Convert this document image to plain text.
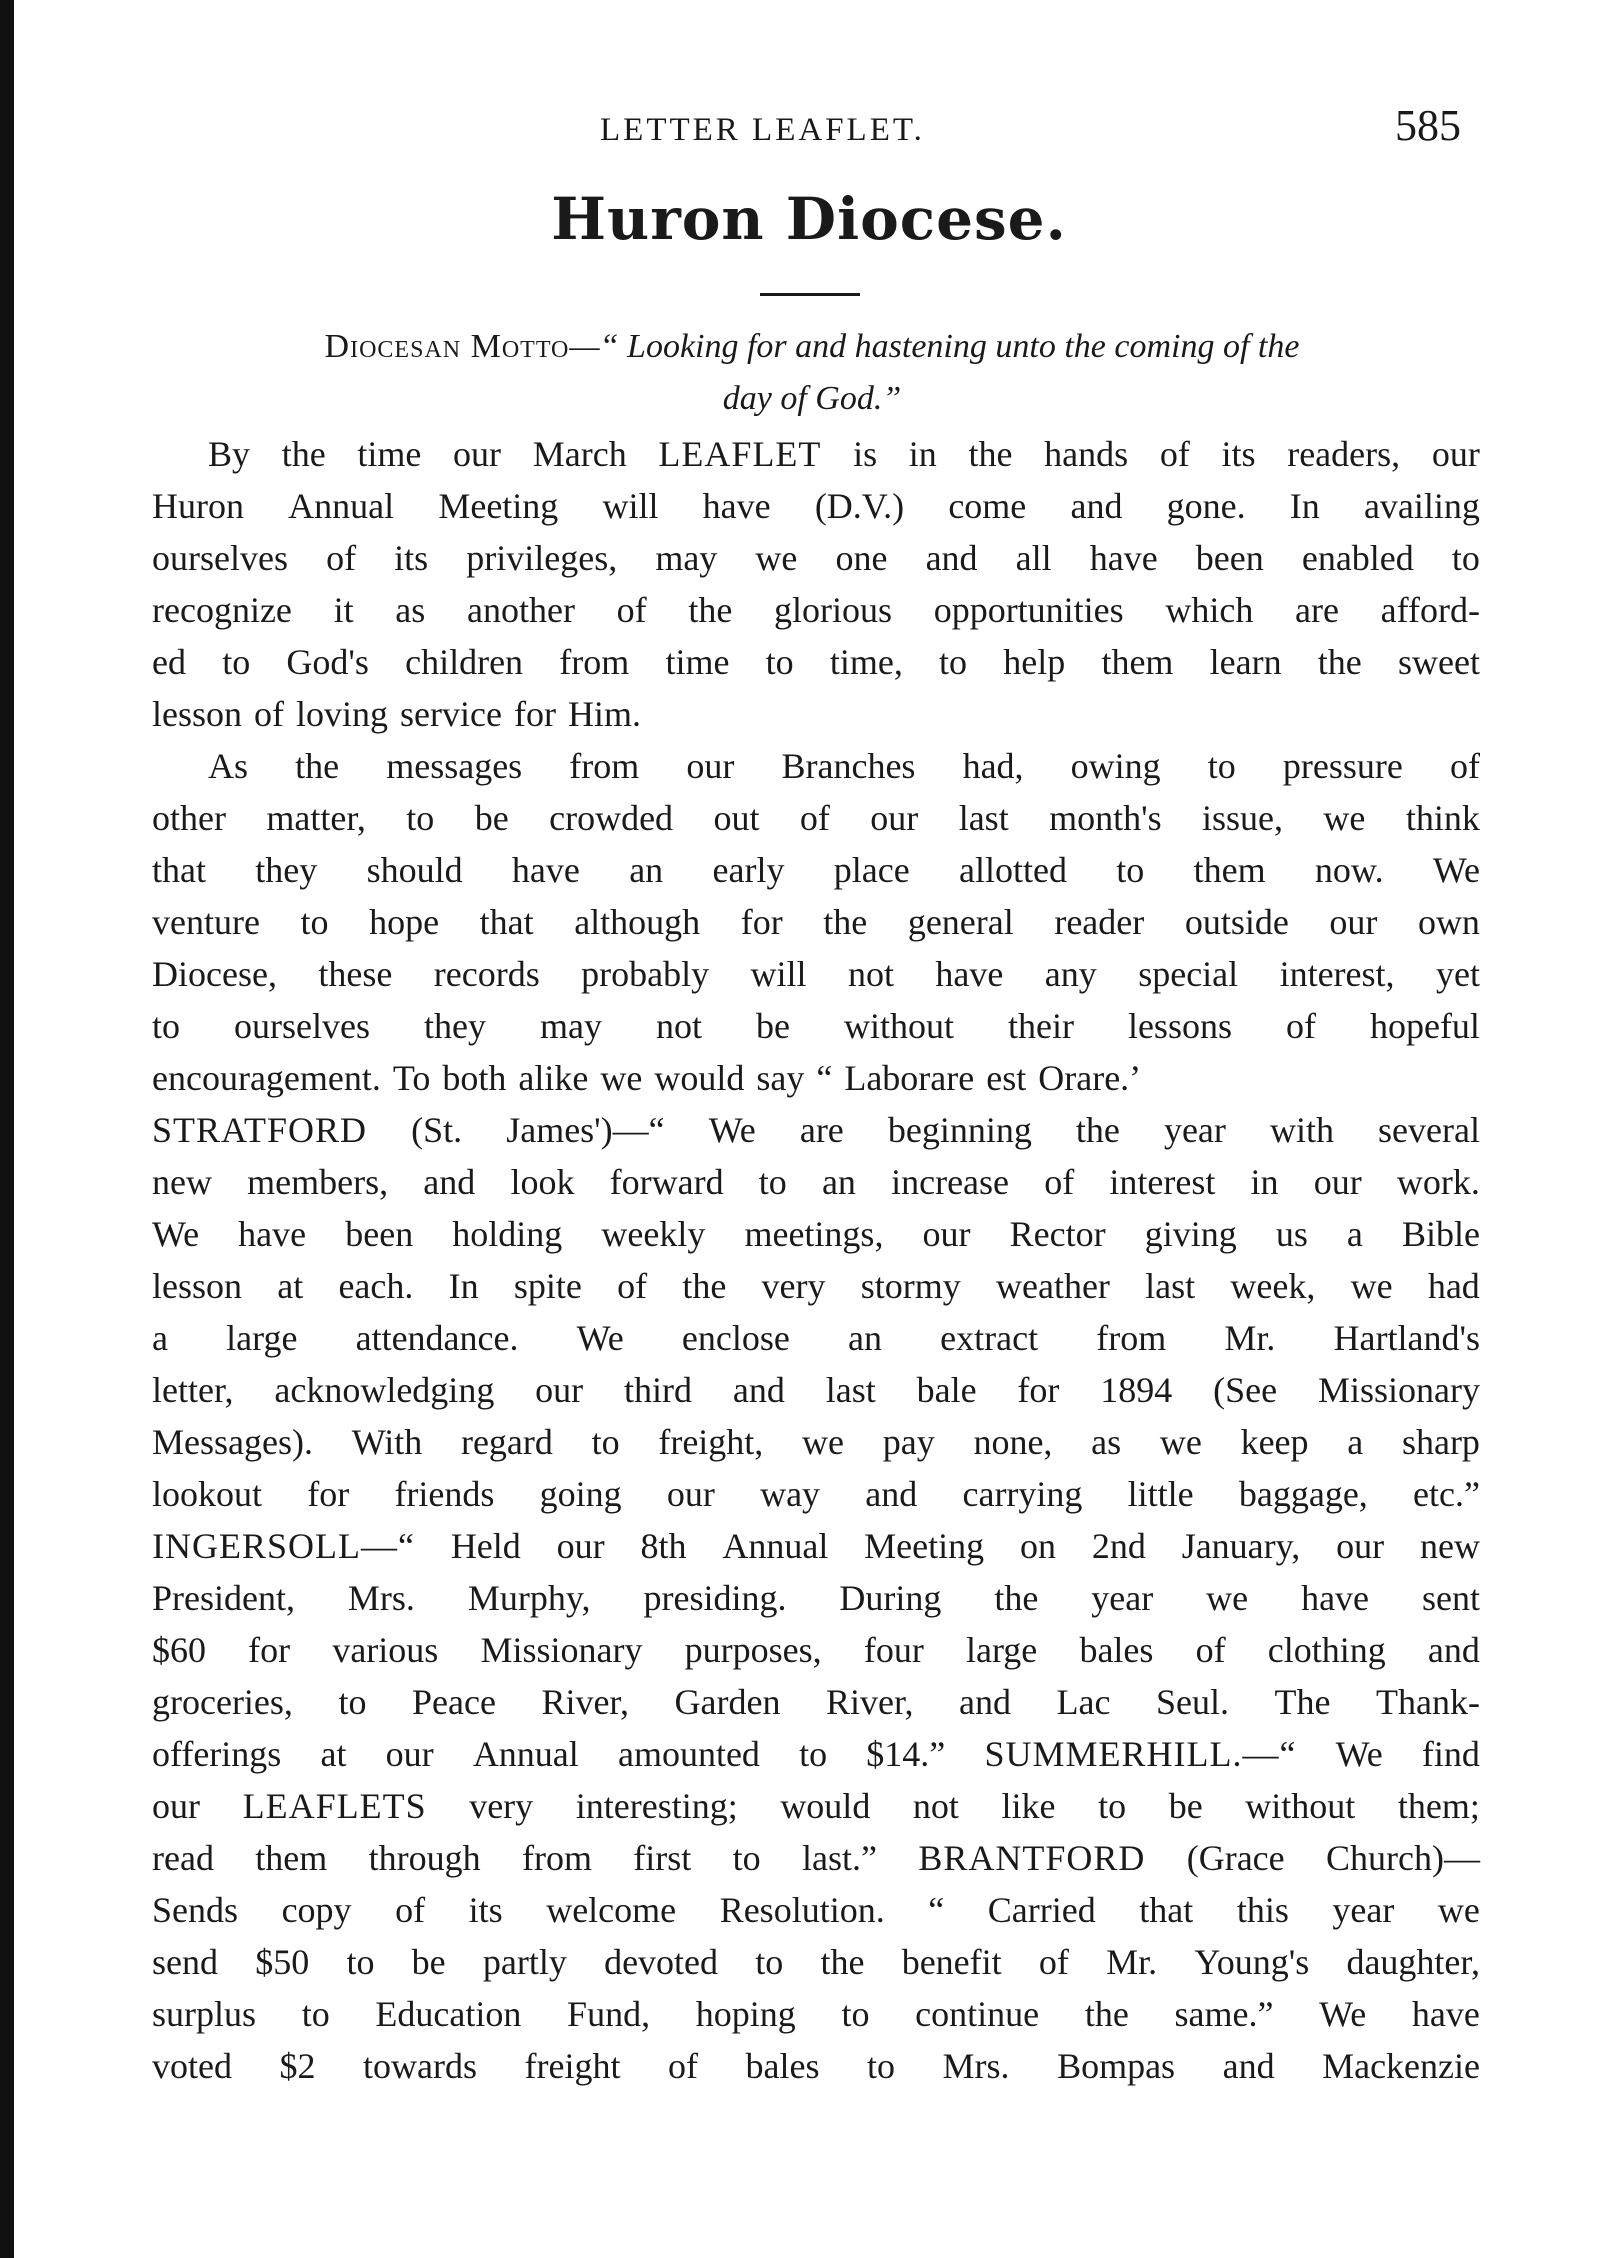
LETTER LEAFLET.	585
Huron Diocese.
Diocesan Motto —“ Looking for and hastening unto the coming of the
day of God.”
By the time our March LEAFLET is in the hands of its readers, our
Huron Annual Meeting will have (D.V.) come and gone. In availing
ourselves of its privileges, may we one and all have been enabled to
recognize it as another of the glorious opportunities which are afford-
ed to God's children from time to time, to help them learn the sweet
lesson of loving service for Him.
As the messages from our Branches had, owing to pressure of
other matter, to be crowded out of our last month's issue, we think
that they should have an early place allotted to them now. We
venture to hope that although for the general reader outside our own
Diocese, these records probably will not have any special interest, yet
to ourselves they may not be without their lessons of hopeful
encouragement. To both alike we would say “ Laborare est Orare.’
STRATFORD (St. James')—“ We are beginning the year with several
new members, and look forward to an increase of interest in our work.
We have been holding weekly meetings, our Rector giving us a Bible
lesson at each. In spite of the very stormy weather last week, we had
a large attendance. We enclose an extract from Mr. Hartland's
letter, acknowledging our third and last bale for 1894 (See Missionary
Messages). With regard to freight, we pay none, as we keep a sharp
lookout for friends going our way and carrying little baggage, etc.”
INGERSOLL—“ Held our 8th Annual Meeting on 2nd January, our new
President, Mrs. Murphy, presiding. During the year we have sent
$60 for various Missionary purposes, four large bales of clothing and
groceries, to Peace River, Garden River, and Lac Seul. The Thank-
offerings at our Annual amounted to $14.” SUMMERHILL.—“ We find
our LEAFLETS very interesting; would not like to be without them;
read them through from first to last.” BRANTFORD (Grace Church)—
Sends copy of its welcome Resolution. “ Carried that this year we
send $50 to be partly devoted to the benefit of Mr. Young's daughter,
surplus to Education Fund, hoping to continue the same.” We have
voted $2 towards freight of bales to Mrs. Bompas and Mackenzie
